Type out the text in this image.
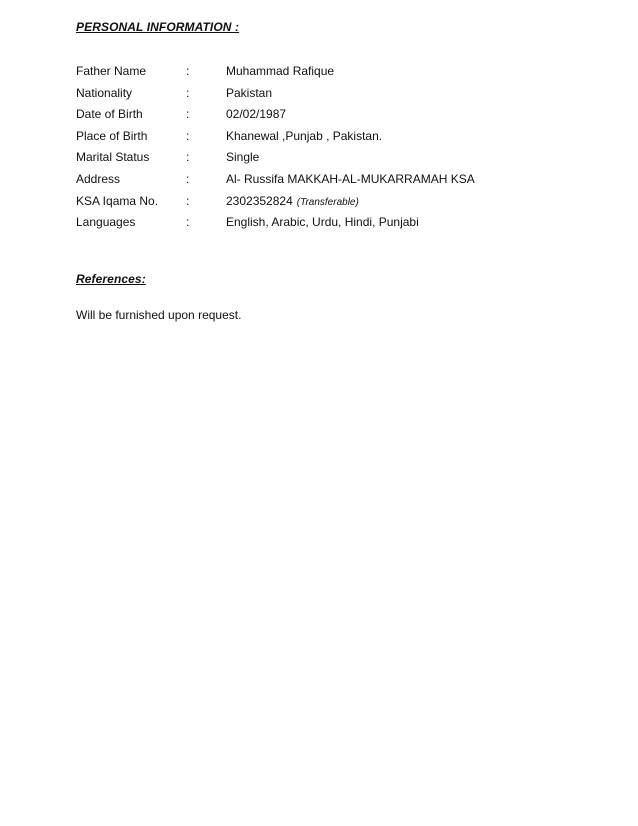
PERSONAL INFORMATION :
Father Name	:	Muhammad Rafique
Nationality	:	Pakistan
Date of Birth	:	02/02/1987
Place of Birth	:	Khanewal ,Punjab , Pakistan.
Marital Status	:	Single
Address	:	Al- Russifa MAKKAH-AL-MUKARRAMAH KSA
KSA Iqama No. :	2302352824 (Transferable)
Languages	:	English, Arabic, Urdu, Hindi, Punjabi
References:
Will be furnished upon request.
